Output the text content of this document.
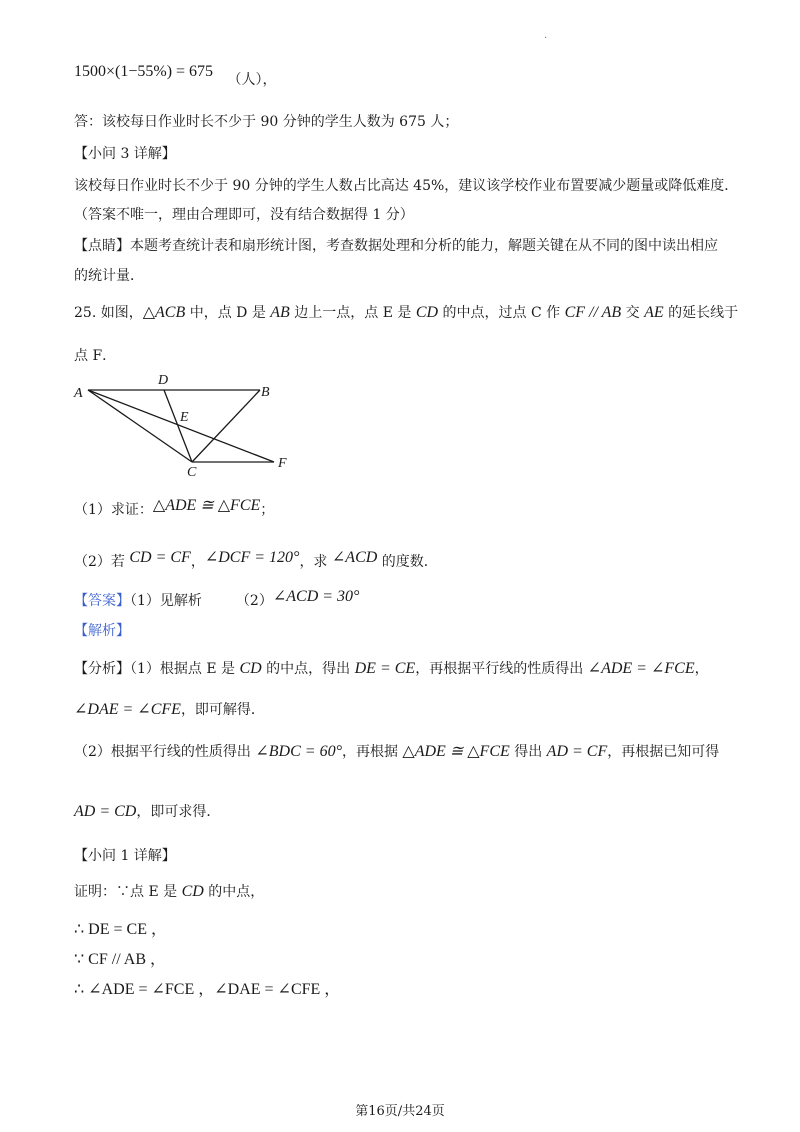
.
1500×(1−55%) = 675 （人），
答：该校每日作业时长不少于 90 分钟的学生人数为 675 人；
【小问 3 详解】
该校每日作业时长不少于 90 分钟的学生人数占比高达 45%，建议该学校作业布置要减少题量或降低难度．
（答案不唯一，理由合理即可，没有结合数据得 1 分）
【点睛】本题考查统计表和扇形统计图，考查数据处理和分析的能力，解题关键在从不同的图中读出相应
的统计量．
25. 如图，△ACB 中，点 D 是 AB 边上一点，点 E 是 CD 的中点，过点 C 作 CF // AB 交 AE 的延长线于
点 F．
A	B
D
E
C
F
（1）求证：△ADE ≅ △FCE；
（2）若 CD = CF，∠DCF = 120°，求 ∠ACD 的度数．
【答案】（1）见解析 （2）∠ACD = 30°
【解析】
【分析】（1）根据点 E 是 CD 的中点，得出 DE = CE，再根据平行线的性质得出 ∠ADE = ∠FCE，
∠DAE = ∠CFE，即可解得．
（2）根据平行线的性质得出 ∠BDC = 60°，再根据 △ADE ≅ △FCE 得出 AD = CF，再根据已知可得
AD = CD，即可求得．
【小问 1 详解】
证明：∵点 E 是 CD 的中点，
∴ DE = CE ，
∵ CF // AB ，
∴ ∠ADE = ∠FCE ，∠DAE = ∠CFE ，
第16页/共24页
